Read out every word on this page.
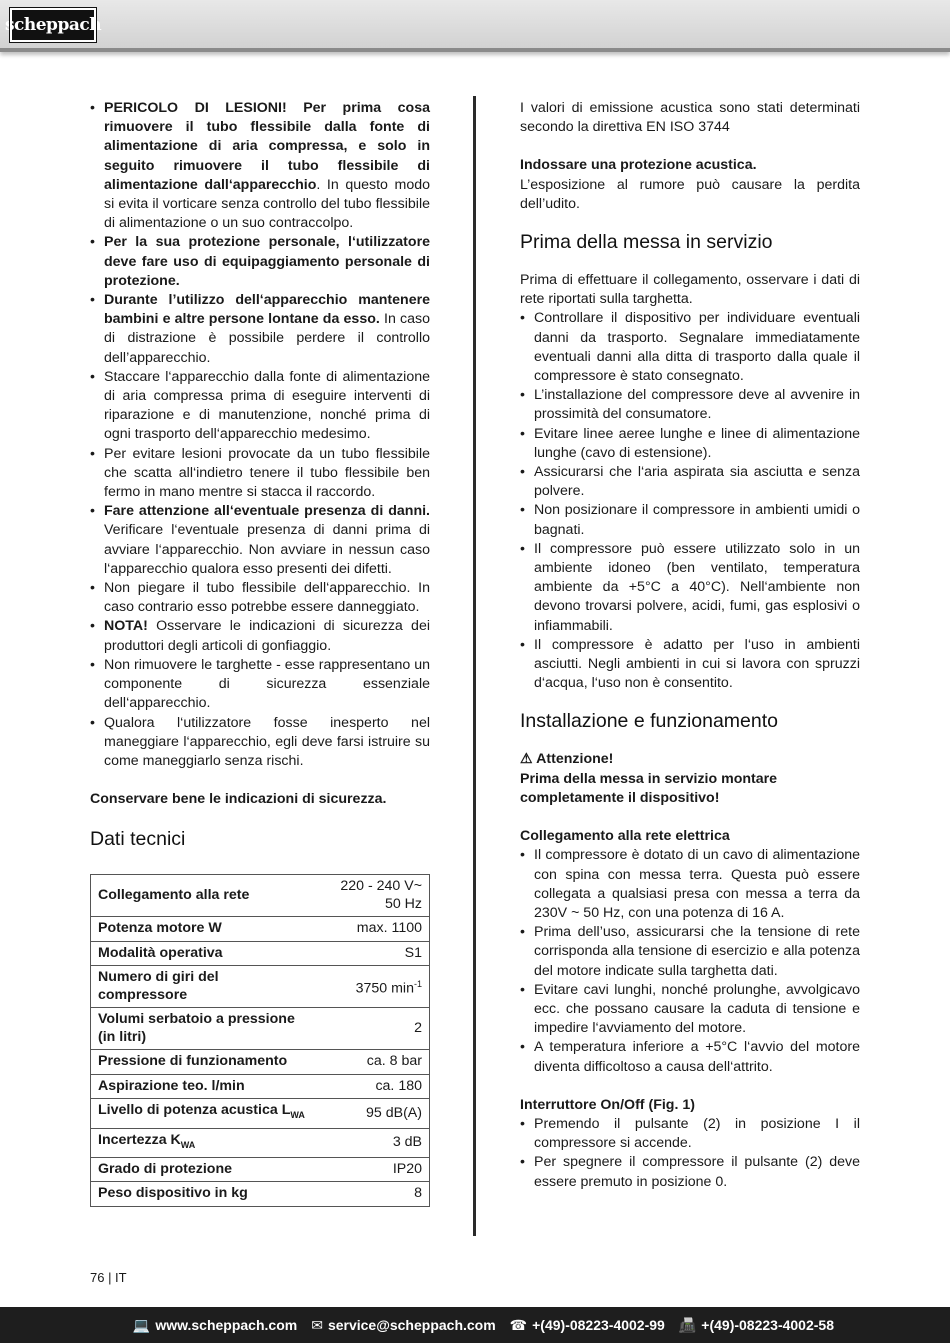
scheppach
• PERICOLO DI LESIONI! Per prima cosa rimuovere il tubo flessibile dalla fonte di alimentazione di aria compressa, e solo in seguito rimuovere il tubo flessibile di alimentazione dall‘apparecchio. In questo modo si evita il vorticare senza controllo del tubo flessibile di alimentazione o un suo contraccolpo.
• Per la sua protezione personale, l‘utilizzatore deve fare uso di equipaggiamento personale di protezione.
• Durante l’utilizzo dell‘apparecchio mantenere bambini e altre persone lontane da esso. In caso di distrazione è possibile perdere il controllo dell’apparecchio.
• Staccare l‘apparecchio dalla fonte di alimentazione di aria compressa prima di eseguire interventi di riparazione e di manutenzione, nonché prima di ogni trasporto dell‘apparecchio medesimo.
• Per evitare lesioni provocate da un tubo flessibile che scatta all‘indietro tenere il tubo flessibile ben fermo in mano mentre si stacca il raccordo.
• Fare attenzione all‘eventuale presenza di danni. Verificare l‘eventuale presenza di danni prima di avviare l‘apparecchio. Non avviare in nessun caso l‘apparecchio qualora esso presenti dei difetti.
• Non piegare il tubo flessibile dell‘apparecchio. In caso contrario esso potrebbe essere danneggiato.
• NOTA! Osservare le indicazioni di sicurezza dei produttori degli articoli di gonfiaggio.
• Non rimuovere le targhette - esse rappresentano un componente di sicurezza essenziale dell‘apparecchio.
• Qualora l‘utilizzatore fosse inesperto nel maneggiare l‘apparecchio, egli deve farsi istruire su come maneggiarlo senza rischi.

Conservare bene le indicazioni di sicurezza.

Dati tecnici
Collegamento alla rete	220 - 240 V~ 50 Hz
Potenza motore W	max. 1100
Modalità operativa	S1
Numero di giri del compressore	3750 $\min^{-1}$
Volumi serbatoio a pressione (in litri)	2
Pressione di funzionamento	ca. 8 bar
Aspirazione teo. l/min	ca. 180
Livello di potenza acustica $L_{WA}$	95 dB(A)
Incertezza $K_{WA}$	3 dB
Grado di protezione	IP20
Peso dispositivo in kg	8

I valori di emissione acustica sono stati determinati secondo la direttiva EN ISO 3744

Indossare una protezione acustica.

L’esposizione al rumore può causare la perdita dell’udito.

Prima della messa in servizio

Prima di effettuare il collegamento, osservare i dati di rete riportati sulla targhetta.

• Controllare il dispositivo per individuare eventuali danni da trasporto. Segnalare immediatamente eventuali danni alla ditta di trasporto dalla quale il compressore è stato consegnato.
• L’installazione del compressore deve al avvenire in prossimità del consumatore.
• Evitare linee aeree lunghe e linee di alimentazione lunghe (cavo di estensione).
• Assicurarsi che l‘aria aspirata sia asciutta e senza polvere.
• Non posizionare il compressore in ambienti umidi o bagnati.
• Il compressore può essere utilizzato solo in un ambiente idoneo (ben ventilato, temperatura ambiente da +5°C a 40°C). Nell‘ambiente non devono trovarsi polvere, acidi, fumi, gas esplosivi o infiammabili.
• Il compressore è adatto per l‘uso in ambienti asciutti. Negli ambienti in cui si lavora con spruzzi d‘acqua, l‘uso non è consentito.
Installazione e funzionamento

⚠ Attenzione!

Prima della messa in servizio montare completamente il dispositivo!

Collegamento alla rete elettrica

• Il compressore è dotato di un cavo di alimentazione con spina con messa terra. Questa può essere collegata a qualsiasi presa con messa a terra da 230V ~ 50 Hz, con una potenza di 16 A.
• Prima dell’uso, assicurarsi che la tensione di rete corrisponda alla tensione di esercizio e alla potenza del motore indicate sulla targhetta dati.
• Evitare cavi lunghi, nonché prolunghe, avvolgicavo ecc. che possano causare la caduta di tensione e impedire l‘avviamento del motore.
• A temperatura inferiore a +5°C l‘avvio del motore diventa difficoltoso a causa dell‘attrito.

Interruttore On/Off (Fig. 1)

• Premendo il pulsante (2) in posizione I il compressore si accende.
• Per spegnere il compressore il pulsante (2) deve essere premuto in posizione 0.
76 | IT
💻 www.scheppach.com ✉ service@scheppach.com ☎ +(49)-08223-4002-99 📠 +(49)-08223-4002-58
